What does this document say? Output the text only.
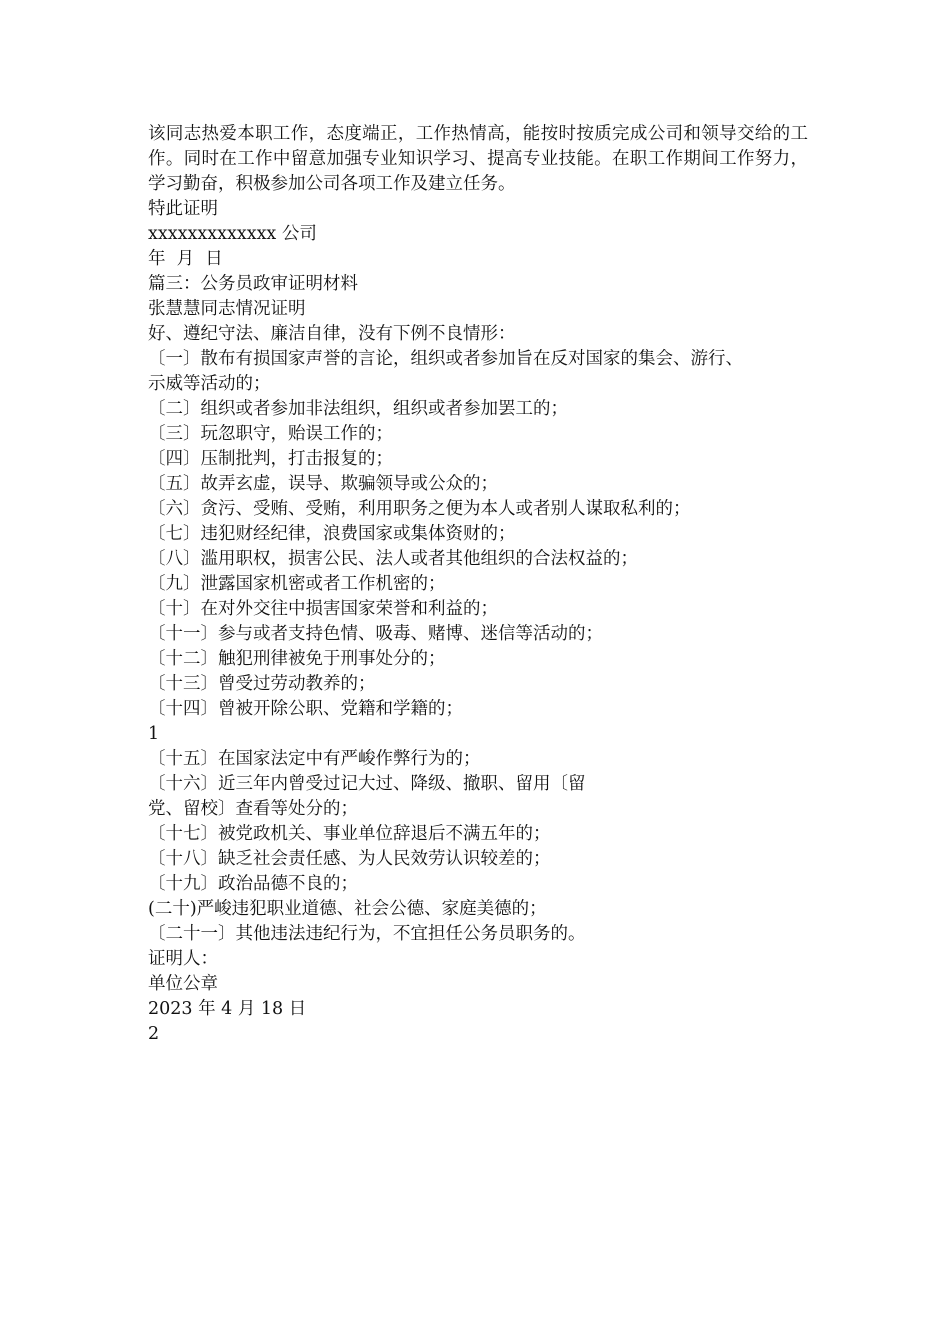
该同志热爱本职工作，态度端正，工作热情高，能按时按质完成公司和领导交给的工作。同时在工作中留意加强专业知识学习、提高专业技能。在职工作期间工作努力，学习勤奋，积极参加公司各项工作及建立任务。
特此证明
xxxxxxxxxxxxx 公司
年  月  日
篇三：公务员政审证明材料
张慧慧同志情况证明
好、遵纪守法、廉洁自律，没有下例不良情形：
〔一〕散布有损国家声誉的言论，组织或者参加旨在反对国家的集会、游行、
示威等活动的；
〔二〕组织或者参加非法组织，组织或者参加罢工的；
〔三〕玩忽职守，贻误工作的；
〔四〕压制批判，打击报复的；
〔五〕故弄玄虚，误导、欺骗领导或公众的；
〔六〕贪污、受贿、受贿，利用职务之便为本人或者别人谋取私利的；
〔七〕违犯财经纪律，浪费国家或集体资财的；
〔八〕滥用职权，损害公民、法人或者其他组织的合法权益的；
〔九〕泄露国家机密或者工作机密的；
〔十〕在对外交往中损害国家荣誉和利益的；
〔十一〕参与或者支持色情、吸毒、赌博、迷信等活动的；
〔十二〕触犯刑律被免于刑事处分的；
〔十三〕曾受过劳动教养的；
〔十四〕曾被开除公职、党籍和学籍的；
1
〔十五〕在国家法定中有严峻作弊行为的；
〔十六〕近三年内曾受过记大过、降级、撤职、留用〔留
党、留校〕查看等处分的；
〔十七〕被党政机关、事业单位辞退后不满五年的；
〔十八〕缺乏社会责任感、为人民效劳认识较差的；
〔十九〕政治品德不良的；
(二十)严峻违犯职业道德、社会公德、家庭美德的；
〔二十一〕其他违法违纪行为，不宜担任公务员职务的。
证明人：
单位公章
2023 年 4 月 18 日
2
